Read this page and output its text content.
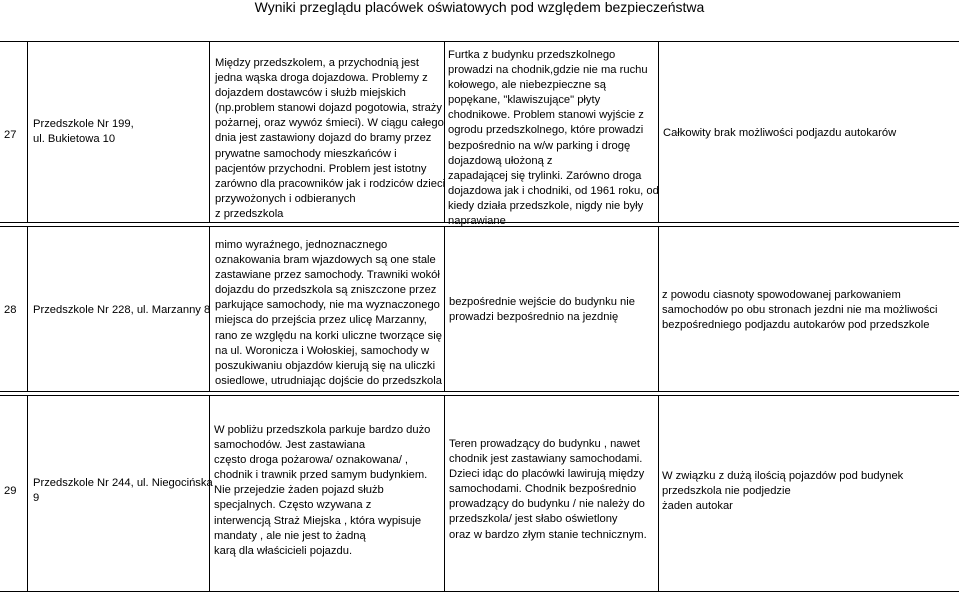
Wyniki przeglądu placówek oświatowych pod względem bezpieczeństwa
27
Przedszkole Nr 199,
ul. Bukietowa 10
Między przedszkolem, a przychodnią jest
jedna wąska droga dojazdowa. Problemy z
dojazdem dostawców i służb miejskich
(np.problem stanowi dojazd pogotowia, straży
pożarnej, oraz wywóz śmieci). W ciągu całego
dnia jest zastawiony dojazd do bramy przez
prywatne samochody mieszkańców i
pacjentów przychodni. Problem jest istotny
zarówno dla pracowników jak i rodziców dzieci
przywożonych i odbieranych
z przedszkola
Furtka z budynku przedszkolnego
prowadzi na chodnik,gdzie nie ma ruchu
kołowego, ale niebezpieczne są
popękane, "klawiszujące" płyty
chodnikowe. Problem stanowi wyjście z
ogrodu przedszkolnego, które prowadzi
bezpośrednio na w/w parking i drogę
dojazdową ułożoną z
zapadającej się trylinki. Zarówno droga
dojazdowa jak i chodniki, od 1961 roku, od
kiedy działa przedszkole, nigdy nie były
naprawiane
Całkowity brak możliwości podjazdu autokarów
28 Przedszkole Nr 228, ul. Marzanny 8
mimo wyraźnego, jednoznacznego
oznakowania bram wjazdowych są one stale
zastawiane przez samochody. Trawniki wokół
dojazdu do przedszkola są zniszczone przez
parkujące samochody, nie ma wyznaczonego
miejsca do przejścia przez ulicę Marzanny,
rano ze względu na korki uliczne tworzące się
na ul. Woronicza i Wołoskiej, samochody w
poszukiwaniu objazdów kierują się na uliczki
osiedlowe, utrudniając dojście do przedszkola
bezpośrednie wejście do budynku nie
prowadzi bezpośrednio na jezdnię
z powodu ciasnoty spowodowanej parkowaniem
samochodów po obu stronach jezdni nie ma możliwości
bezpośredniego podjazdu autokarów pod przedszkole
29
Przedszkole Nr 244, ul. Niegocińska
9
W pobliżu przedszkola parkuje bardzo dużo
samochodów. Jest zastawiana
często droga pożarowa/ oznakowana/ ,
chodnik i trawnik przed samym budynkiem.
Nie przejedzie żaden pojazd służb
specjalnych. Często wzywana z
interwencją Straż Miejska , która wypisuje
mandaty , ale nie jest to żadną
karą dla właścicieli pojazdu.
Teren prowadzący do budynku , nawet
chodnik jest zastawiany samochodami.
Dzieci idąc do placówki lawirują między
samochodami. Chodnik bezpośrednio
prowadzący do budynku / nie należy do
przedszkola/ jest słabo oświetlony
oraz w bardzo złym stanie technicznym.
W związku z dużą ilością pojazdów pod budynek
przedszkola nie podjedzie
żaden autokar
